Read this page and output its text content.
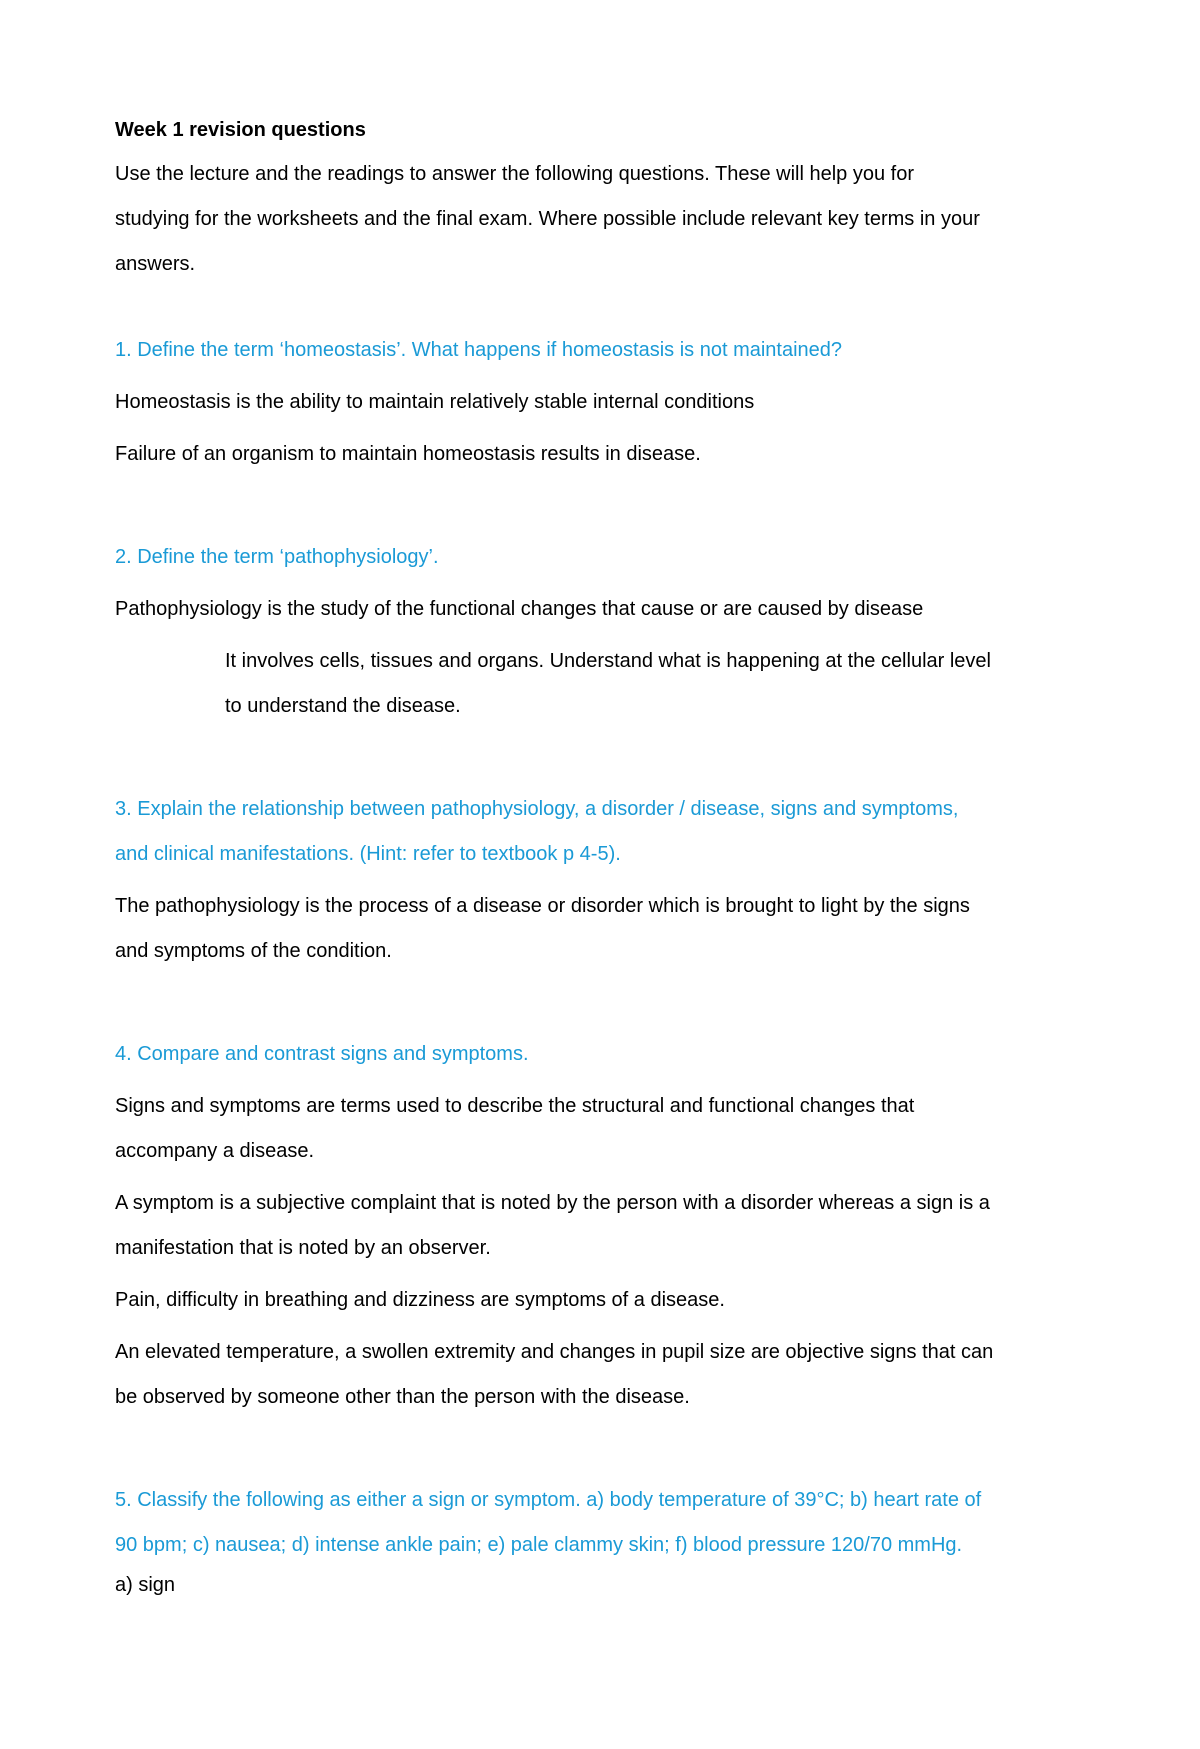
Week 1 revision questions
Use the lecture and the readings to answer the following questions. These will help you for
studying for the worksheets and the final exam. Where possible include relevant key terms in your
answers.
1. Define the term ‘homeostasis’. What happens if homeostasis is not maintained?
Homeostasis is the ability to maintain relatively stable internal conditions
Failure of an organism to maintain homeostasis results in disease.
2. Define the term ‘pathophysiology’.
Pathophysiology is the study of the functional changes that cause or are caused by disease
It involves cells, tissues and organs. Understand what is happening at the cellular level
to understand the disease.
3. Explain the relationship between pathophysiology, a disorder / disease, signs and symptoms,
and clinical manifestations. (Hint: refer to textbook p 4-5).
The pathophysiology is the process of a disease or disorder which is brought to light by the signs
and symptoms of the condition.
4. Compare and contrast signs and symptoms.
Signs and symptoms are terms used to describe the structural and functional changes that
accompany a disease.
A symptom is a subjective complaint that is noted by the person with a disorder whereas a sign is a
manifestation that is noted by an observer.
Pain, difficulty in breathing and dizziness are symptoms of a disease.
An elevated temperature, a swollen extremity and changes in pupil size are objective signs that can
be observed by someone other than the person with the disease.
5. Classify the following as either a sign or symptom. a) body temperature of 39°C; b) heart rate of
90 bpm; c) nausea; d) intense ankle pain; e) pale clammy skin; f) blood pressure 120/70 mmHg.
a) sign
